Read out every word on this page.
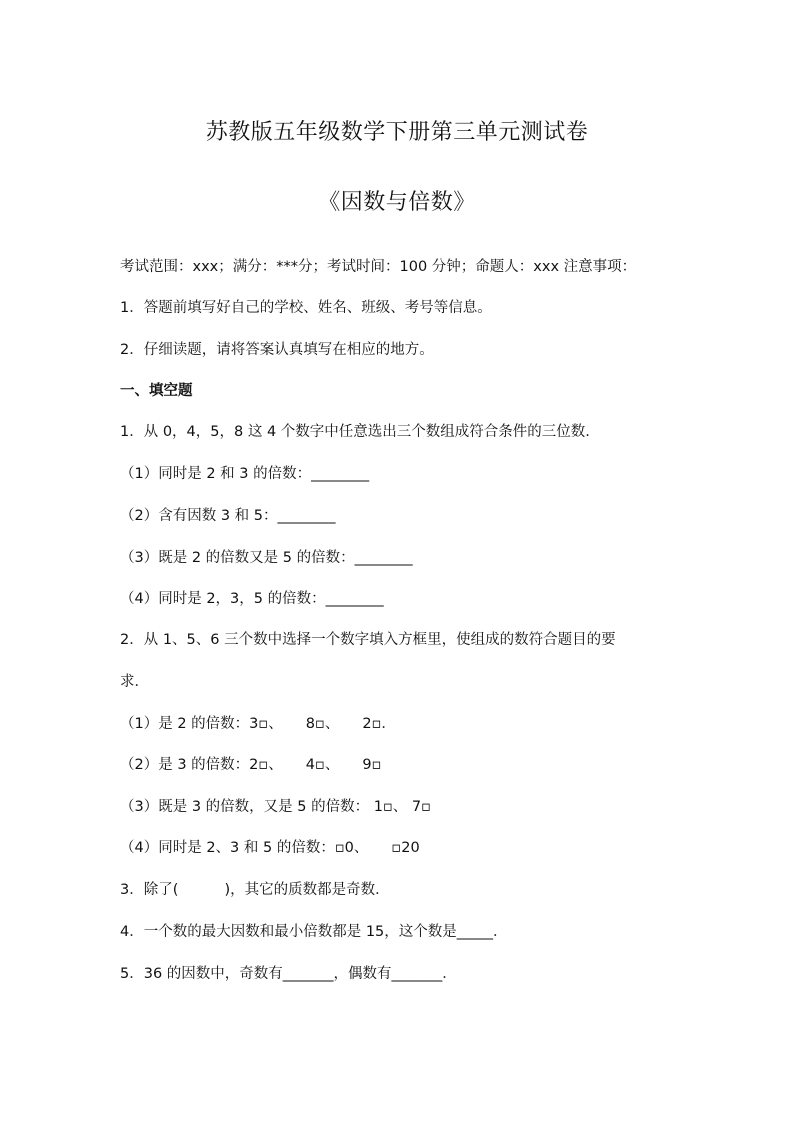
苏教版五年级数学下册第三单元测试卷
《因数与倍数》
考试范围：xxx；满分：***分；考试时间：100 分钟；命题人：xxx 注意事项：
1．答题前填写好自己的学校、姓名、班级、考号等信息。
2．仔细读题，请将答案认真填写在相应的地方。
一、填空题
1．从 0，4，5，8 这 4 个数字中任意选出三个数组成符合条件的三位数.
（1）同时是 2 和 3 的倍数：________
（2）含有因数 3 和 5：________
（3）既是 2 的倍数又是 5 的倍数：________
（4）同时是 2，3，5 的倍数：________
2．从 1、5、6 三个数中选择一个数字填入方框里，使组成的数符合题目的要
求．
（1）是 2 的倍数：3▫、     8▫、     2▫．
（2）是 3 的倍数：2▫、     4▫、     9▫
（3）既是 3 的倍数，又是 5 的倍数： 1▫、 7▫
（4）同时是 2、3 和 5 的倍数：▫0、     ▫20
3．除了(          )，其它的质数都是奇数．
4．一个数的最大因数和最小倍数都是 15，这个数是_____．
5．36 的因数中，奇数有_______，偶数有_______．
